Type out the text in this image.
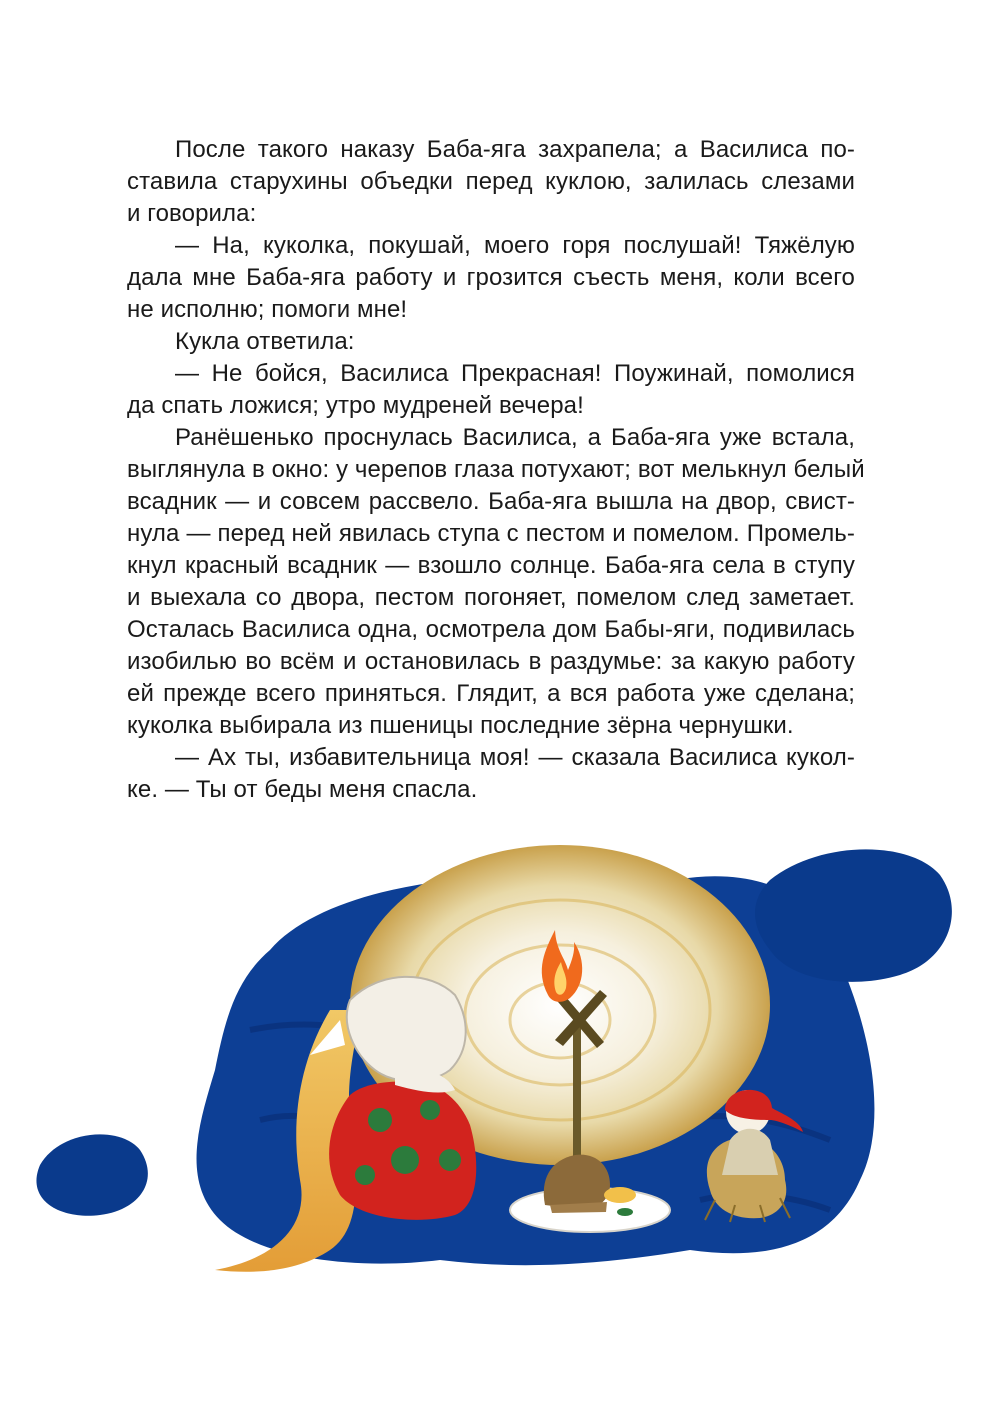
После такого наказу Баба-яга захрапела; а Василиса по-
ставила старухины объедки перед куклою, залилась слезами
и говорила:
— На, куколка, покушай, моего горя послушай! Тяжёлую
дала мне Баба-яга работу и грозится съесть меня, коли всего
не исполню; помоги мне!
Кукла ответила:
— Не бойся, Василиса Прекрасная! Поужинай, помолися
да спать ложися; утро мудреней вечера!
Ранёшенько проснулась Василиса, а Баба-яга уже встала,
выглянула в окно: у черепов глаза потухают; вот мелькнул белый
всадник — и совсем рассвело. Баба-яга вышла на двор, свист-
нула — перед ней явилась ступа с пестом и помелом. Промель-
кнул красный всадник — взошло солнце. Баба-яга села в ступу
и выехала со двора, пестом погоняет, помелом след заметает.
Осталась Василиса одна, осмотрела дом Бабы-яги, подивилась
изобилью во всём и остановилась в раздумье: за какую работу
ей прежде всего приняться. Глядит, а вся работа уже сделана;
куколка выбирала из пшеницы последние зёрна чернушки.
— Ах ты, избавительница моя! — сказала Василиса кукол-
ке. — Ты от беды меня спасла.
